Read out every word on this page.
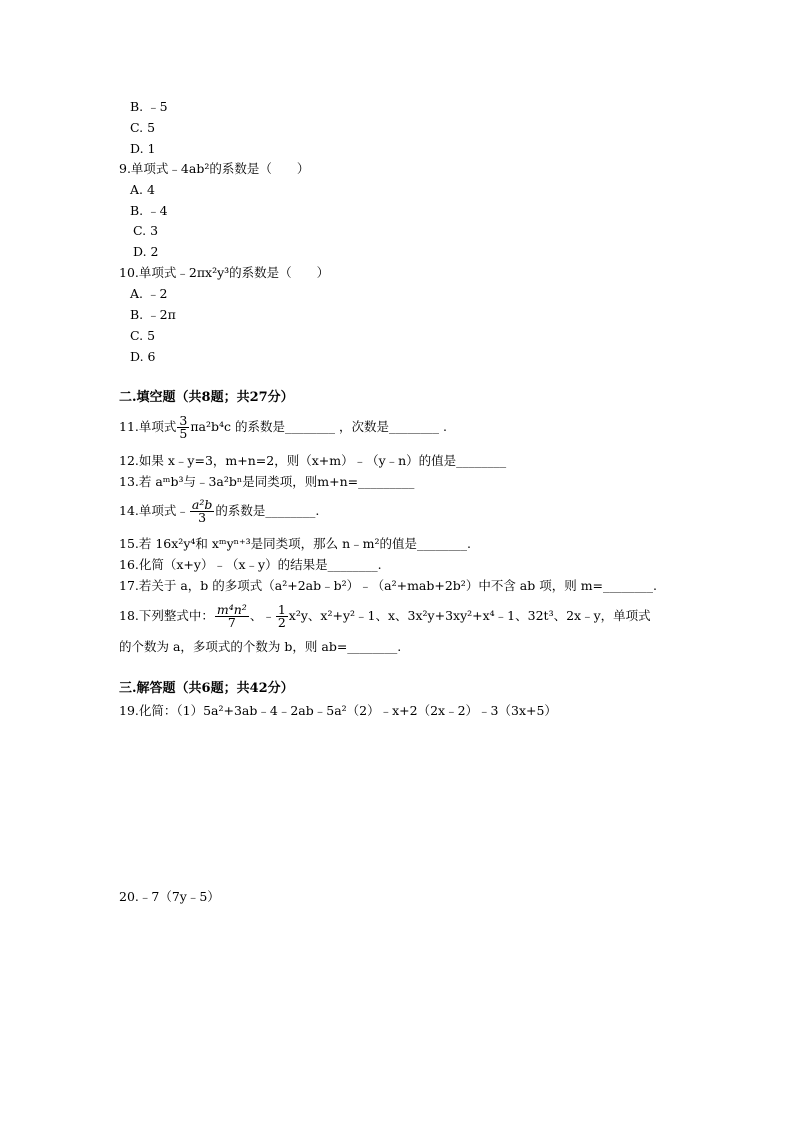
B. ﹣5
C. 5
D. 1
9.单项式﹣4ab²的系数是（　　）
A. 4
B. ﹣4
C. 3
D. 2
10.单项式﹣2πx²y³的系数是（　　）
A. ﹣2
B. ﹣2π
C. 5
D. 6
二.填空题（共8题；共27分）
11.单项式 $\frac{3}{5} \pi a^2b^4c$ 的系数是________ ，次数是________ .
12.如果 x﹣y=3，m+n=2，则（x+m）﹣（y﹣n）的值是________
13.若 aᵐb³与﹣3a²bⁿ是同类项，则m+n=_________
14.单项式﹣ $\frac{\text{a²b}}{3}$ 的系数是________.
15.若 16x²y⁴和 xᵐyⁿ⁺³是同类项，那么 n﹣m²的值是________.
16.化简（x+y）﹣（x﹣y）的结果是________.
17.若关于 a，b 的多项式（a²+2ab﹣b²）﹣（a²+mab+2b²）中不含 ab 项，则 m=________.
18.下列整式中： $\frac{\text{m⁴n²}}{7}$ 、﹣ $\frac{1}{2} x^2y$、x²+y²﹣1、x、3x²y+3xy²+x⁴﹣1、32t³、2x﹣y，单项式
的个数为 a，多项式的个数为 b，则 ab=________.
三.解答题（共6题；共42分）
19.化简：（1）5a²+3ab﹣4﹣2ab﹣5a²（2）﹣x+2（2x﹣2）﹣3（3x+5）
20.﹣7（7y﹣5）
